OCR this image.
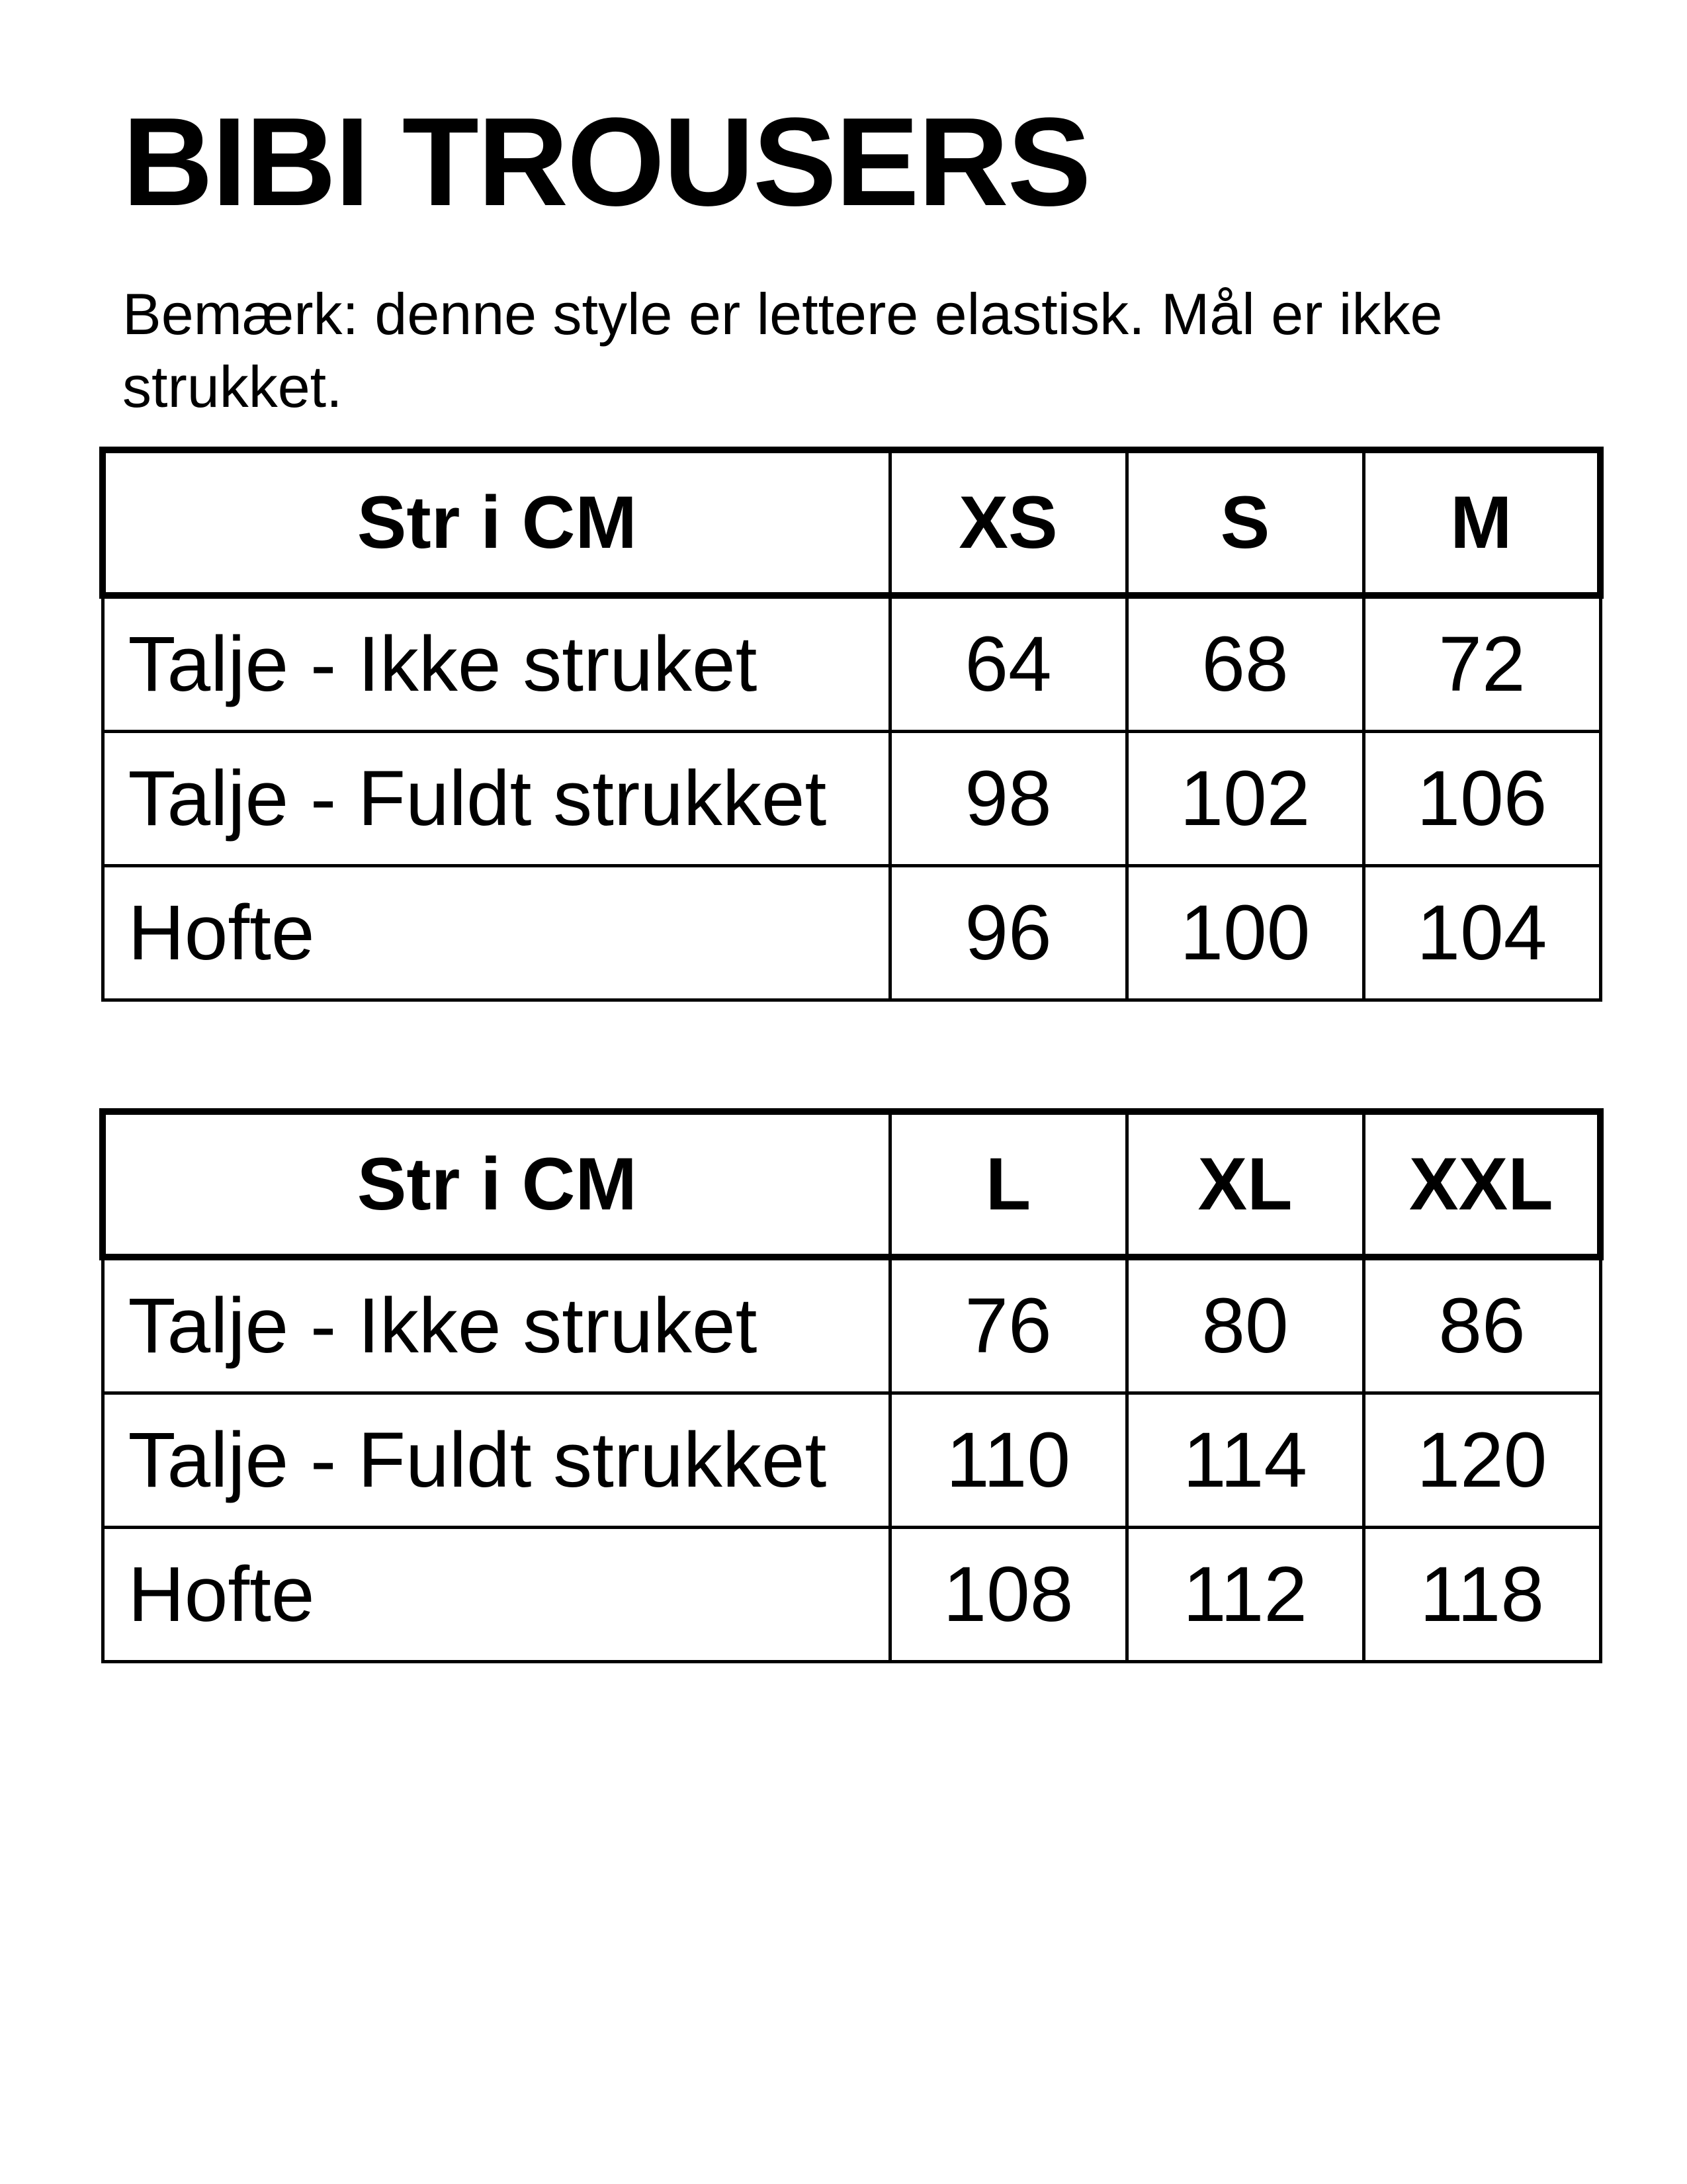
BIBI TROUSERS

Bemærk: denne style er lettere elastisk. Mål er ikke strukket.

Str i CM	XS	S	M
Talje - Ikke struket	64	68	72
Talje - Fuldt strukket	98	102	106
Hofte	96	100	104
Str i CM	L	XL	XXL
Talje - Ikke struket	76	80	86
Talje - Fuldt strukket	110	114	120
Hofte	108	112	118
